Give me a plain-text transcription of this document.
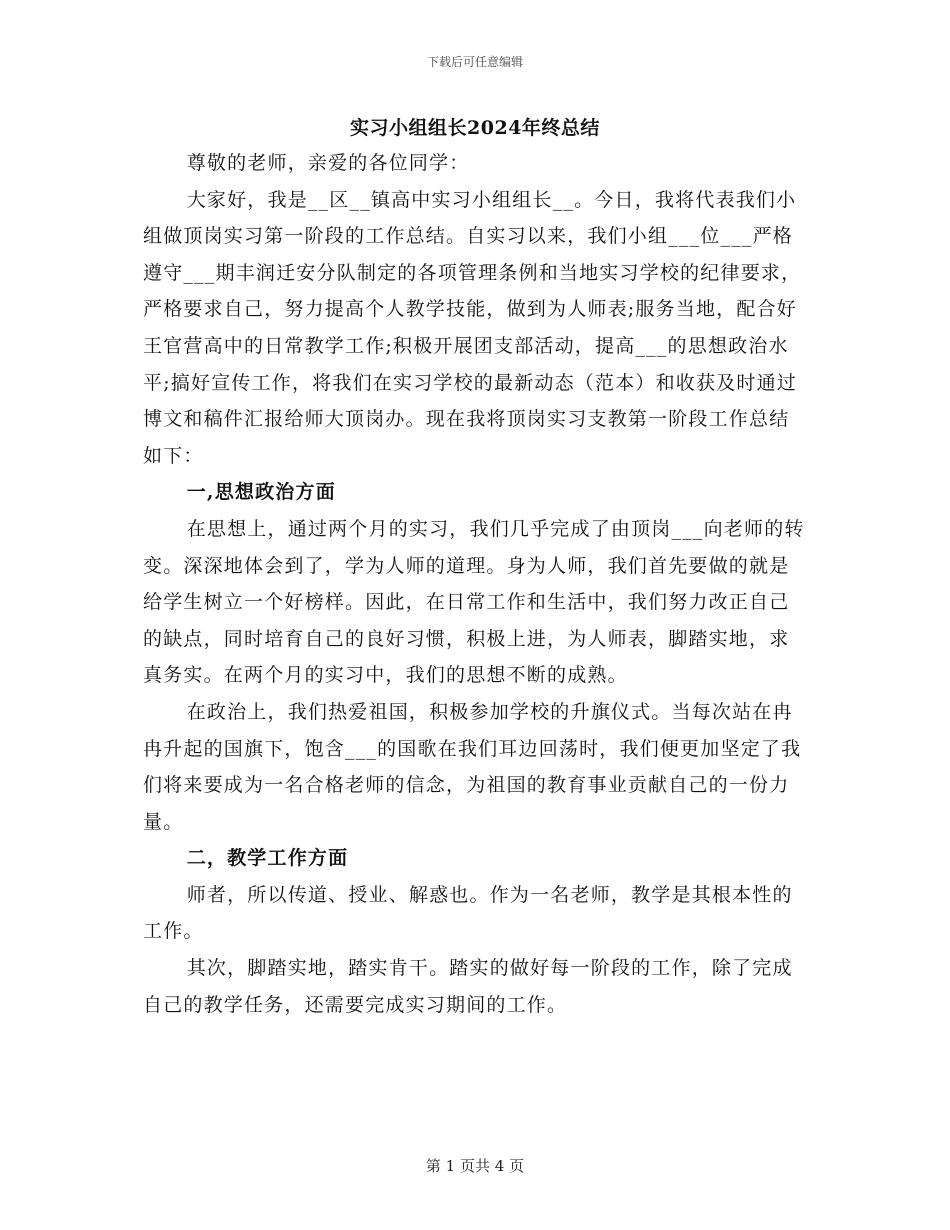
下载后可任意编辑
实习小组组长2024年终总结

尊敬的老师，亲爱的各位同学：

大家好，我是__区__镇高中实习小组组长__。今日，我将代表我们小组做顶岗实习第一阶段的工作总结。自实习以来，我们小组___位___严格遵守___期丰润迁安分队制定的各项管理条例和当地实习学校的纪律要求，严格要求自己，努力提高个人教学技能，做到为人师表;服务当地，配合好王官营高中的日常教学工作;积极开展团支部活动，提高___的思想政治水平;搞好宣传工作，将我们在实习学校的最新动态（范本）和收获及时通过博文和稿件汇报给师大顶岗办。现在我将顶岗实习支教第一阶段工作总结如下：

一,思想政治方面

在思想上，通过两个月的实习，我们几乎完成了由顶岗___向老师的转变。深深地体会到了，学为人师的道理。身为人师，我们首先要做的就是给学生树立一个好榜样。因此，在日常工作和生活中，我们努力改正自己的缺点，同时培育自己的良好习惯，积极上进，为人师表，脚踏实地，求真务实。在两个月的实习中，我们的思想不断的成熟。

在政治上，我们热爱祖国，积极参加学校的升旗仪式。当每次站在冉冉升起的国旗下，饱含___的国歌在我们耳边回荡时，我们便更加坚定了我们将来要成为一名合格老师的信念，为祖国的教育事业贡献自己的一份力量。

二，教学工作方面

师者，所以传道、授业、解惑也。作为一名老师，教学是其根本性的工作。

其次，脚踏实地，踏实肯干。踏实的做好每一阶段的工作，除了完成自己的教学任务，还需要完成实习期间的工作。

第 1 页共 4 页
